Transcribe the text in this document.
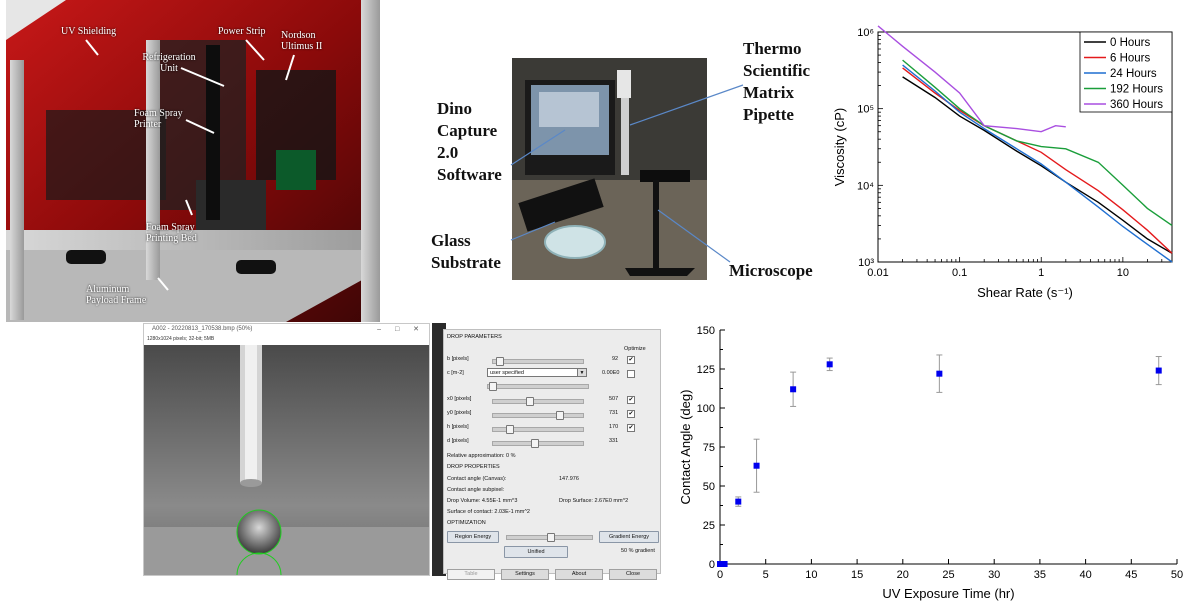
UV Shielding
Refrigeration Unit
Power Strip Nordson Ultimus II
Foam Spray Printer
Foam Spray Printing Bed
Aluminum Payload Frame
Dino Capture 2.0 Software
Thermo Scientific Matrix Pipette
Glass Substrate	Microscope	0.01	0.1	1	10
10³
10⁴
10⁵
10⁶
Shear Rate (s⁻¹)
Viscosity (cP)
0 Hours
6 Hours
24 Hours
192 Hours
360 Hours
A002 - 20220813_170538.bmp (50%)	– □ ✕
1280x1024 pixels; 32-bit; 5MB	DROP PARAMETERS
Optimize
b [pixels]	92 ✔
c [m-2]	user specified	▼	0.00E0
x0 [pixels]	507 ✔
y0 [pixels]	731 ✔
h [pixels]	170 ✔
d [pixels]	331
Relative approximation: 0 %
DROP PROPERTIES
Contact angle (Canvas):	147.976
Contact angle subpixel:
Drop Volume: 4.55E-1 mm^3	Drop Surface: 2.67E0 mm^2
Surface of contact: 2.03E-1 mm^2
OPTIMIZATION
Region Energy	Gradient Energy
Unified	50 % gradient
Table	Settings	About	Close	0	5	10	15	20	25	30	35	40	45	50
0
25
50
75
100
125
150
UV Exposure Time (hr)
Contact Angle (deg)
